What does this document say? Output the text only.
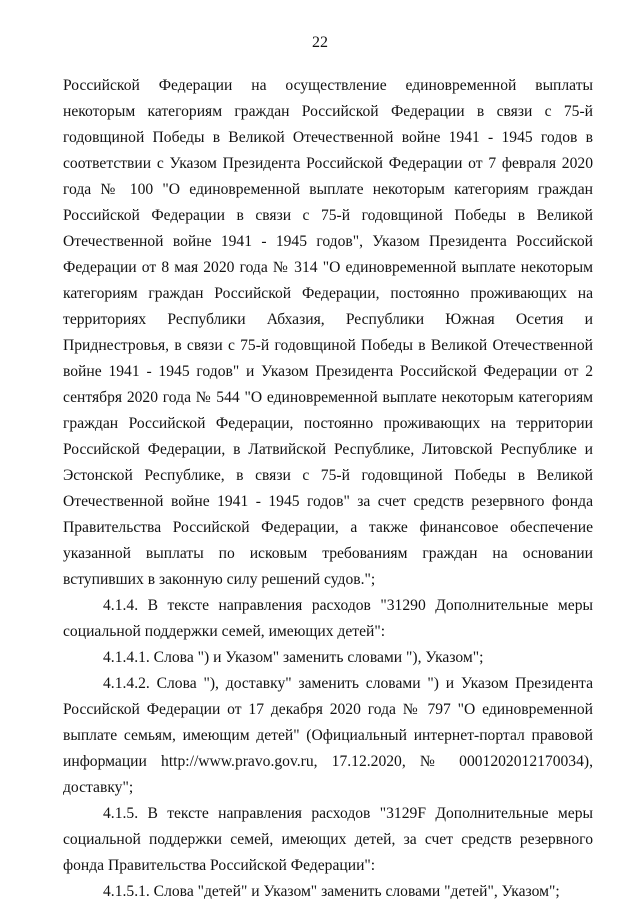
22

Российской Федерации на осуществление единовременной выплаты некоторым категориям граждан Российской Федерации в связи с 75-й годовщиной Победы в Великой Отечественной войне 1941 - 1945 годов в соответствии с Указом Президента Российской Федерации от 7 февраля 2020 года № 100 "О единовременной выплате некоторым категориям граждан Российской Федерации в связи с 75-й годовщиной Победы в Великой Отечественной войне 1941 - 1945 годов", Указом Президента Российской Федерации от 8 мая 2020 года № 314 "О единовременной выплате некоторым категориям граждан Российской Федерации, постоянно проживающих на территориях Республики Абхазия, Республики Южная Осетия и Приднестровья, в связи с 75-й годовщиной Победы в Великой Отечественной войне 1941 - 1945 годов" и Указом Президента Российской Федерации от 2 сентября 2020 года № 544 "О единовременной выплате некоторым категориям граждан Российской Федерации, постоянно проживающих на территории Российской Федерации, в Латвийской Республике, Литовской Республике и Эстонской Республике, в связи с 75-й годовщиной Победы в Великой Отечественной войне 1941 - 1945 годов" за счет средств резервного фонда Правительства Российской Федерации, а также финансовое обеспечение указанной выплаты по исковым требованиям граждан на основании вступивших в законную силу решений судов.";

4.1.4. В тексте направления расходов "31290 Дополнительные меры социальной поддержки семей, имеющих детей":

4.1.4.1. Слова ") и Указом" заменить словами "), Указом";

4.1.4.2. Слова "), доставку" заменить словами ") и Указом Президента Российской Федерации от 17 декабря 2020 года № 797 "О единовременной выплате семьям, имеющим детей" (Официальный интернет-портал правовой информации http://www.pravo.gov.ru, 17.12.2020, № 0001202012170034), доставку";

4.1.5. В тексте направления расходов "3129F Дополнительные меры социальной поддержки семей, имеющих детей, за счет средств резервного фонда Правительства Российской Федерации":

4.1.5.1. Слова "детей" и Указом" заменить словами "детей", Указом";
